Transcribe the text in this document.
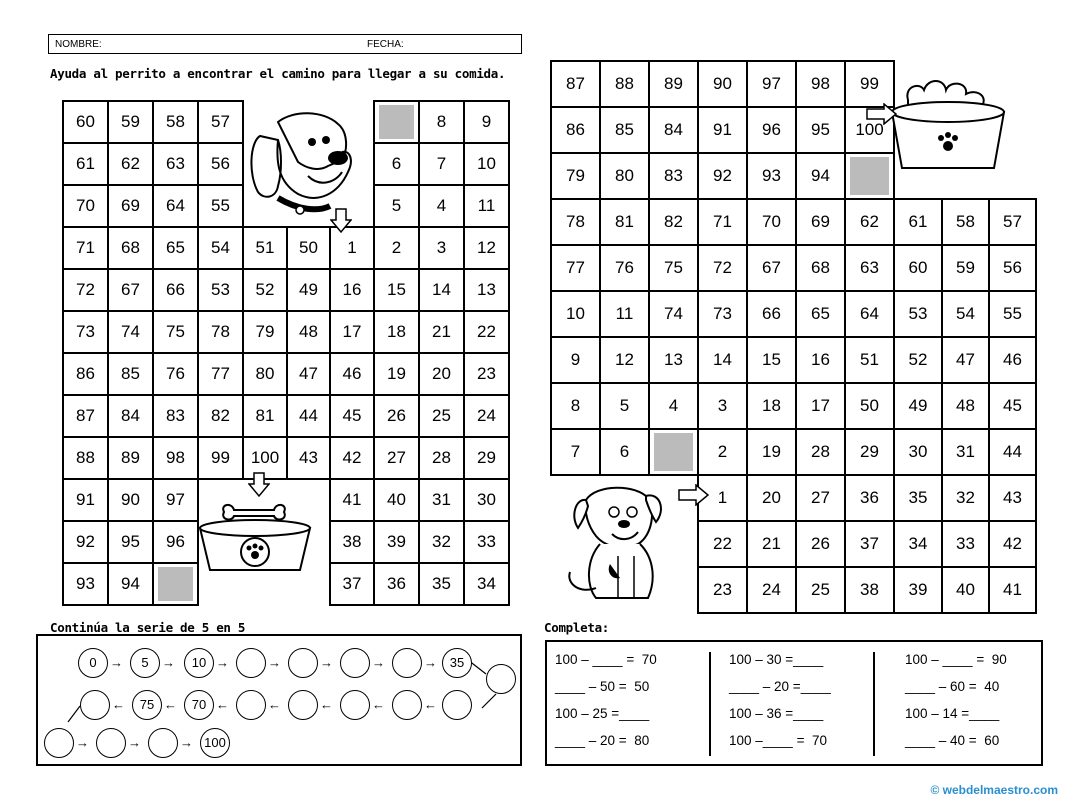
NOMBRE:	FECHA:
Ayuda al perrito a encontrar el camino para llegar a su comida.
60	59	58	57					8	9
61	62	63	56				6	7	10
70	69	64	55				5	4	11
71	68	65	54	51	50	1	2	3	12
72	67	66	53	52	49	16	15	14	13
73	74	75	78	79	48	17	18	21	22
86	85	76	77	80	47	46	19	20	23
87	84	83	82	81	44	45	26	25	24
88	89	98	99	100	43	42	27	28	29
91	90	97				41	40	31	30
92	95	96				38	39	32	33
93	94					37	36	35	34
87	88	89	90	97	98	99			
86	85	84	91	96	95	100			
79	80	83	92	93	94	

78	81	82	71	70	69	62	61	58	57
77	76	75	72	67	68	63	60	59	56
10	11	74	73	66	65	64	53	54	55
9	12	13	14	15	16	51	52	47	46
8	5	4	3	18	17	50	49	48	45
7	6		2	19	28	29	30	31	44
			1	20	27	36	35	32	43
			22	21	26	37	34	33	42
			23	24	25	38	39	40	41
Continúa la serie de 5 en 5
0	→	5	→	10 →	→	→	→	→ 35
←	75 ←	70 ←	←	←	←	←
→	→	→ 100
Completa:
100 – ____ =  70
____ – 50 =  50
100 – 25 =____
____ – 20 =  80
100 – 30 =____
____ – 20 =____
100 – 36 =____
100 –____ =  70
100 – ____ =  90
____ – 60 =  40
100 – 14 =____
____ – 40 =  60
© webdelmaestro.com
